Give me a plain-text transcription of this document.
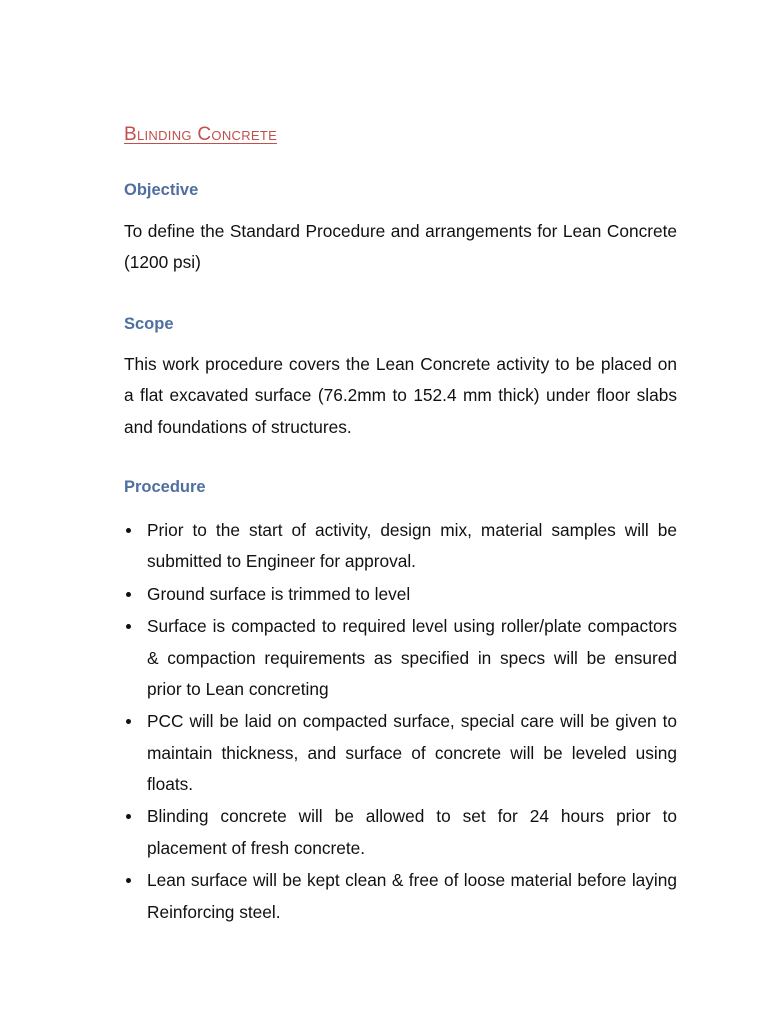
Blinding Concrete
Objective

To define the Standard Procedure and arrangements for Lean Concrete (1200 psi)

Scope

This work procedure covers the Lean Concrete activity to be placed on a flat excavated surface (76.2mm to 152.4 mm thick) under floor slabs and foundations of structures.

Procedure
Prior to the start of activity, design mix, material samples will be submitted to Engineer for approval.
Ground surface is trimmed to level
Surface is compacted to required level using roller/plate compactors & compaction requirements as specified in specs will be ensured prior to Lean concreting
PCC will be laid on compacted surface, special care will be given to maintain thickness, and surface of concrete will be leveled using floats.
Blinding concrete will be allowed to set for 24 hours prior to placement of fresh concrete.
Lean surface will be kept clean & free of loose material before laying Reinforcing steel.
